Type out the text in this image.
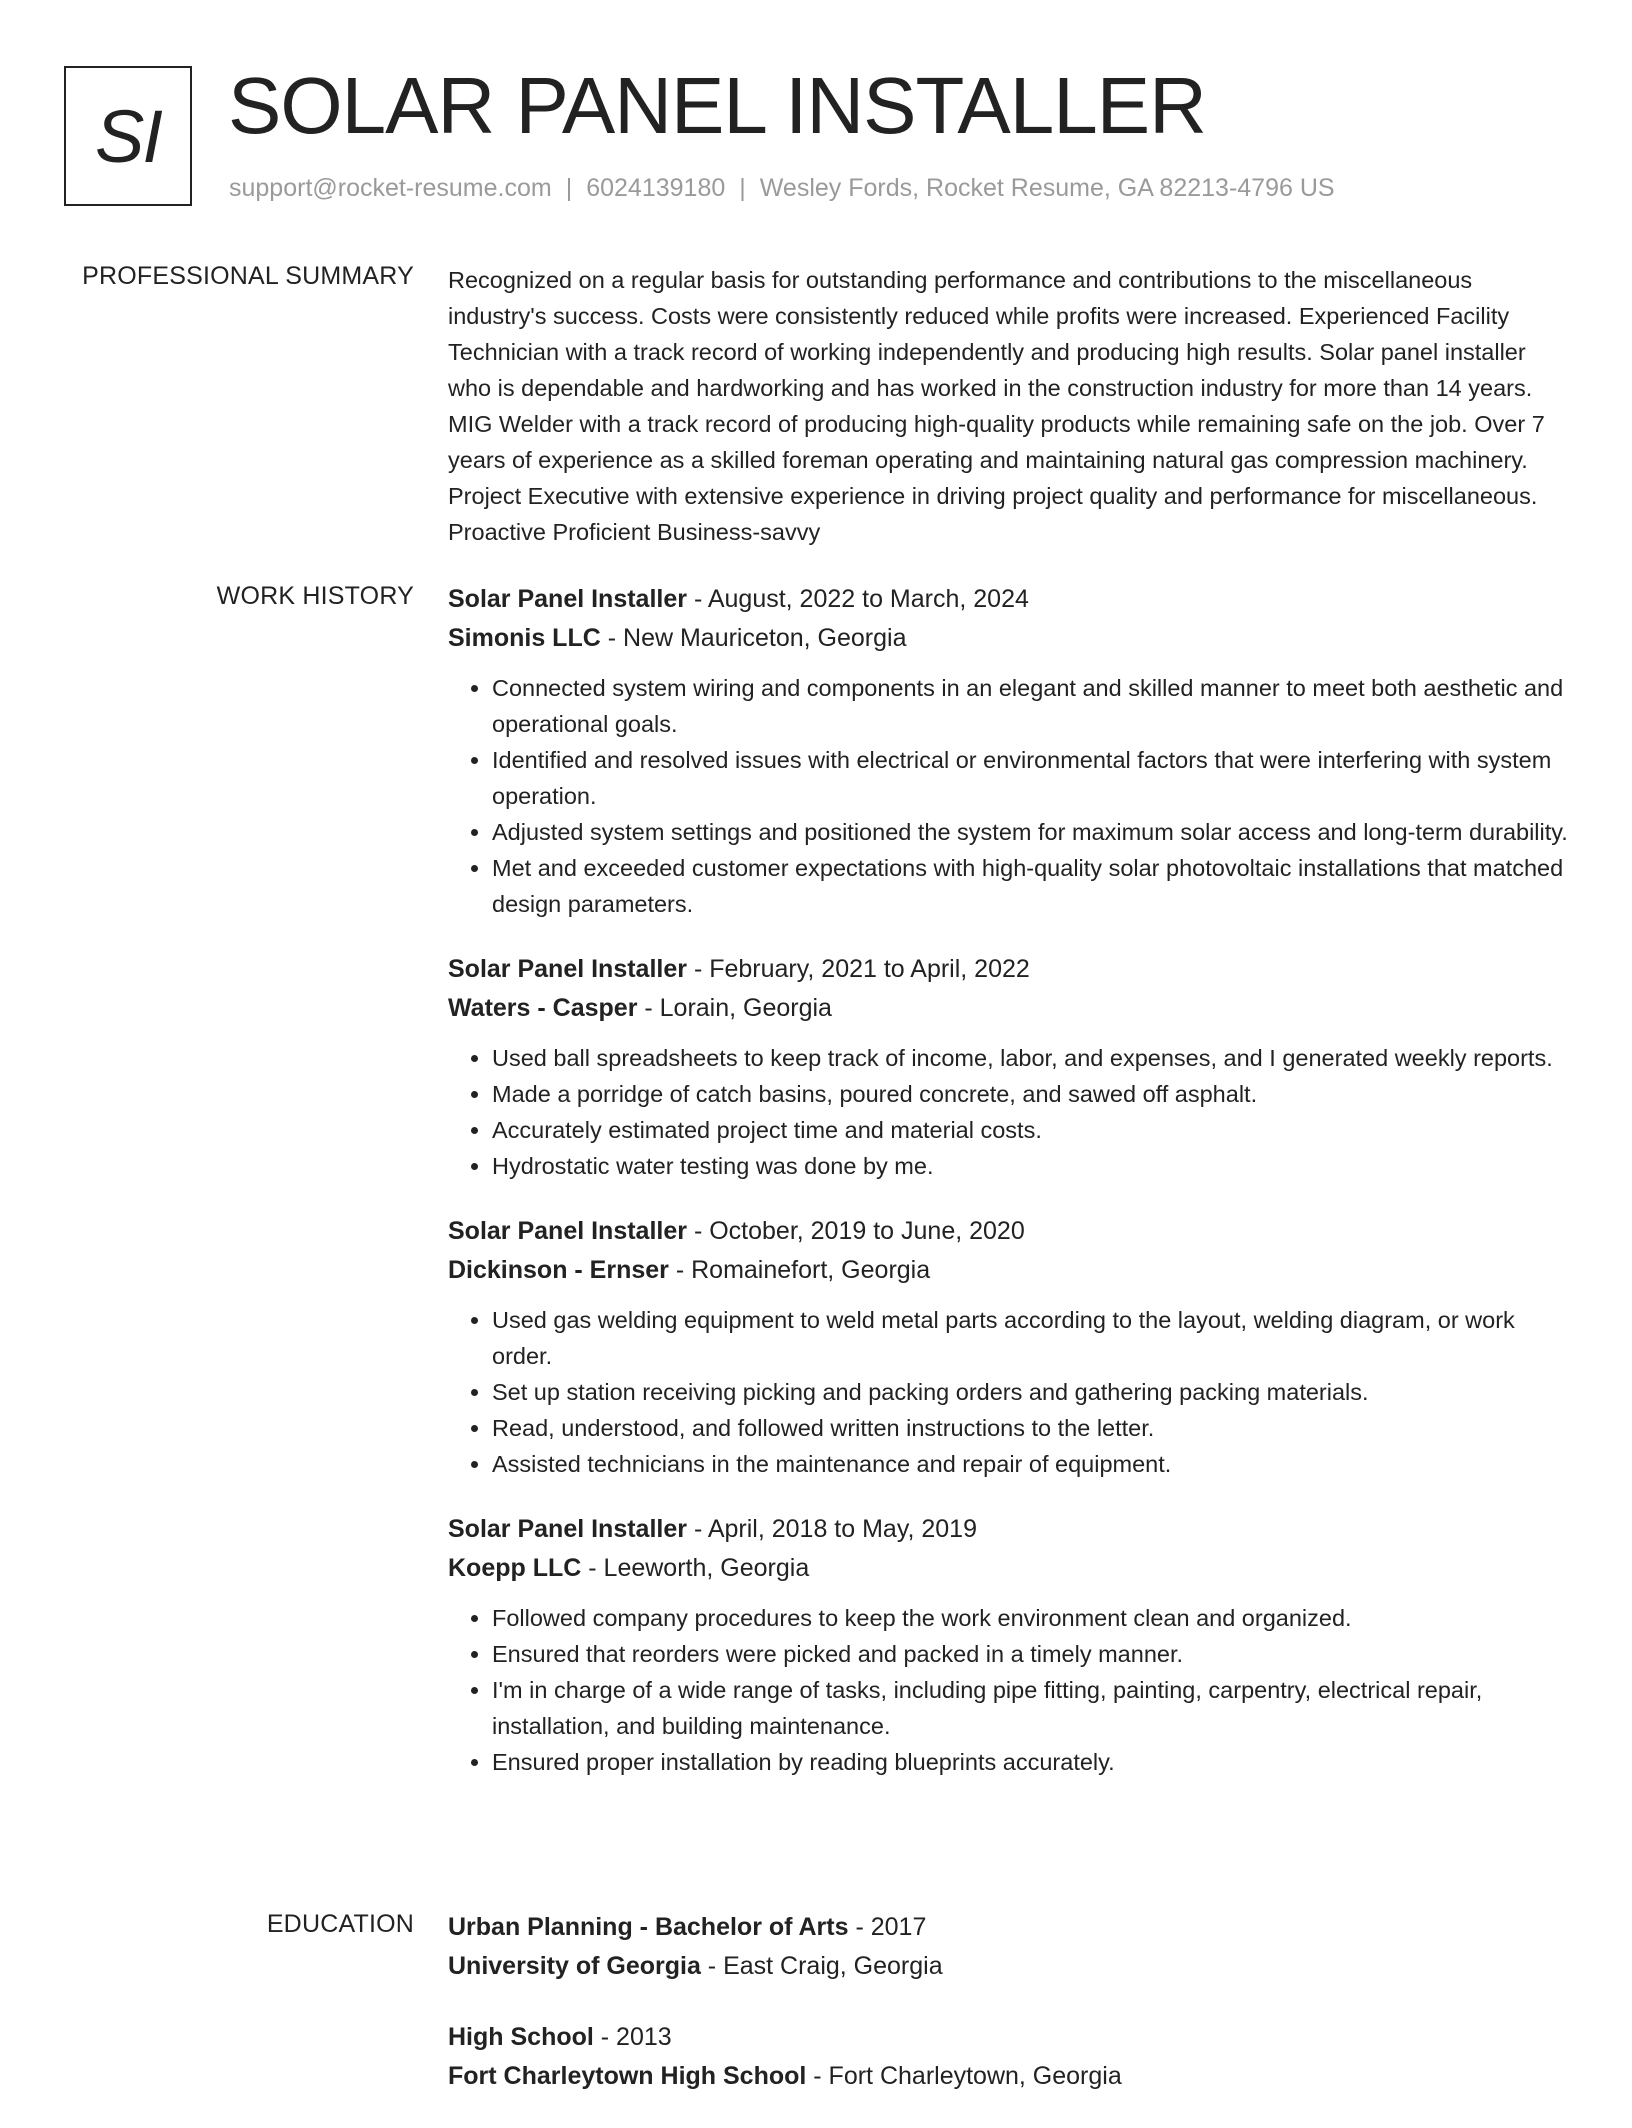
SI SOLAR PANEL INSTALLER
support@rocket-resume.com | 6024139180 | Wesley Fords, Rocket Resume, GA 82213-4796 US
PROFESSIONAL SUMMARY Recognized on a regular basis for outstanding performance and contributions to the miscellaneous industry's success. Costs were consistently reduced while profits were increased. Experienced Facility Technician with a track record of working independently and producing high results. Solar panel installer who is dependable and hardworking and has worked in the construction industry for more than 14 years. MIG Welder with a track record of producing high-quality products while remaining safe on the job. Over 7 years of experience as a skilled foreman operating and maintaining natural gas compression machinery. Project Executive with extensive experience in driving project quality and performance for miscellaneous. Proactive Proficient Business-savvy

WORK HISTORY Solar Panel Installer - August, 2022 to March, 2024
Simonis LLC - New Mauriceton, Georgia
• Connected system wiring and components in an elegant and skilled manner to meet both aesthetic and operational goals.
• Identified and resolved issues with electrical or environmental factors that were interfering with system operation.
• Adjusted system settings and positioned the system for maximum solar access and long-term durability.
• Met and exceeded customer expectations with high-quality solar photovoltaic installations that matched design parameters.
Solar Panel Installer - February, 2021 to April, 2022
Waters - Casper - Lorain, Georgia
• Used ball spreadsheets to keep track of income, labor, and expenses, and I generated weekly reports.
• Made a porridge of catch basins, poured concrete, and sawed off asphalt.
• Accurately estimated project time and material costs.
• Hydrostatic water testing was done by me.
Solar Panel Installer - October, 2019 to June, 2020
Dickinson - Ernser - Romainefort, Georgia
• Used gas welding equipment to weld metal parts according to the layout, welding diagram, or work order.
• Set up station receiving picking and packing orders and gathering packing materials.
• Read, understood, and followed written instructions to the letter.
• Assisted technicians in the maintenance and repair of equipment.
Solar Panel Installer - April, 2018 to May, 2019
Koepp LLC - Leeworth, Georgia
• Followed company procedures to keep the work environment clean and organized.
• Ensured that reorders were picked and packed in a timely manner.
• I'm in charge of a wide range of tasks, including pipe fitting, painting, carpentry, electrical repair, installation, and building maintenance.
• Ensured proper installation by reading blueprints accurately.
EDUCATION Urban Planning - Bachelor of Arts - 2017
University of Georgia - East Craig, Georgia
High School - 2013
Fort Charleytown High School - Fort Charleytown, Georgia
